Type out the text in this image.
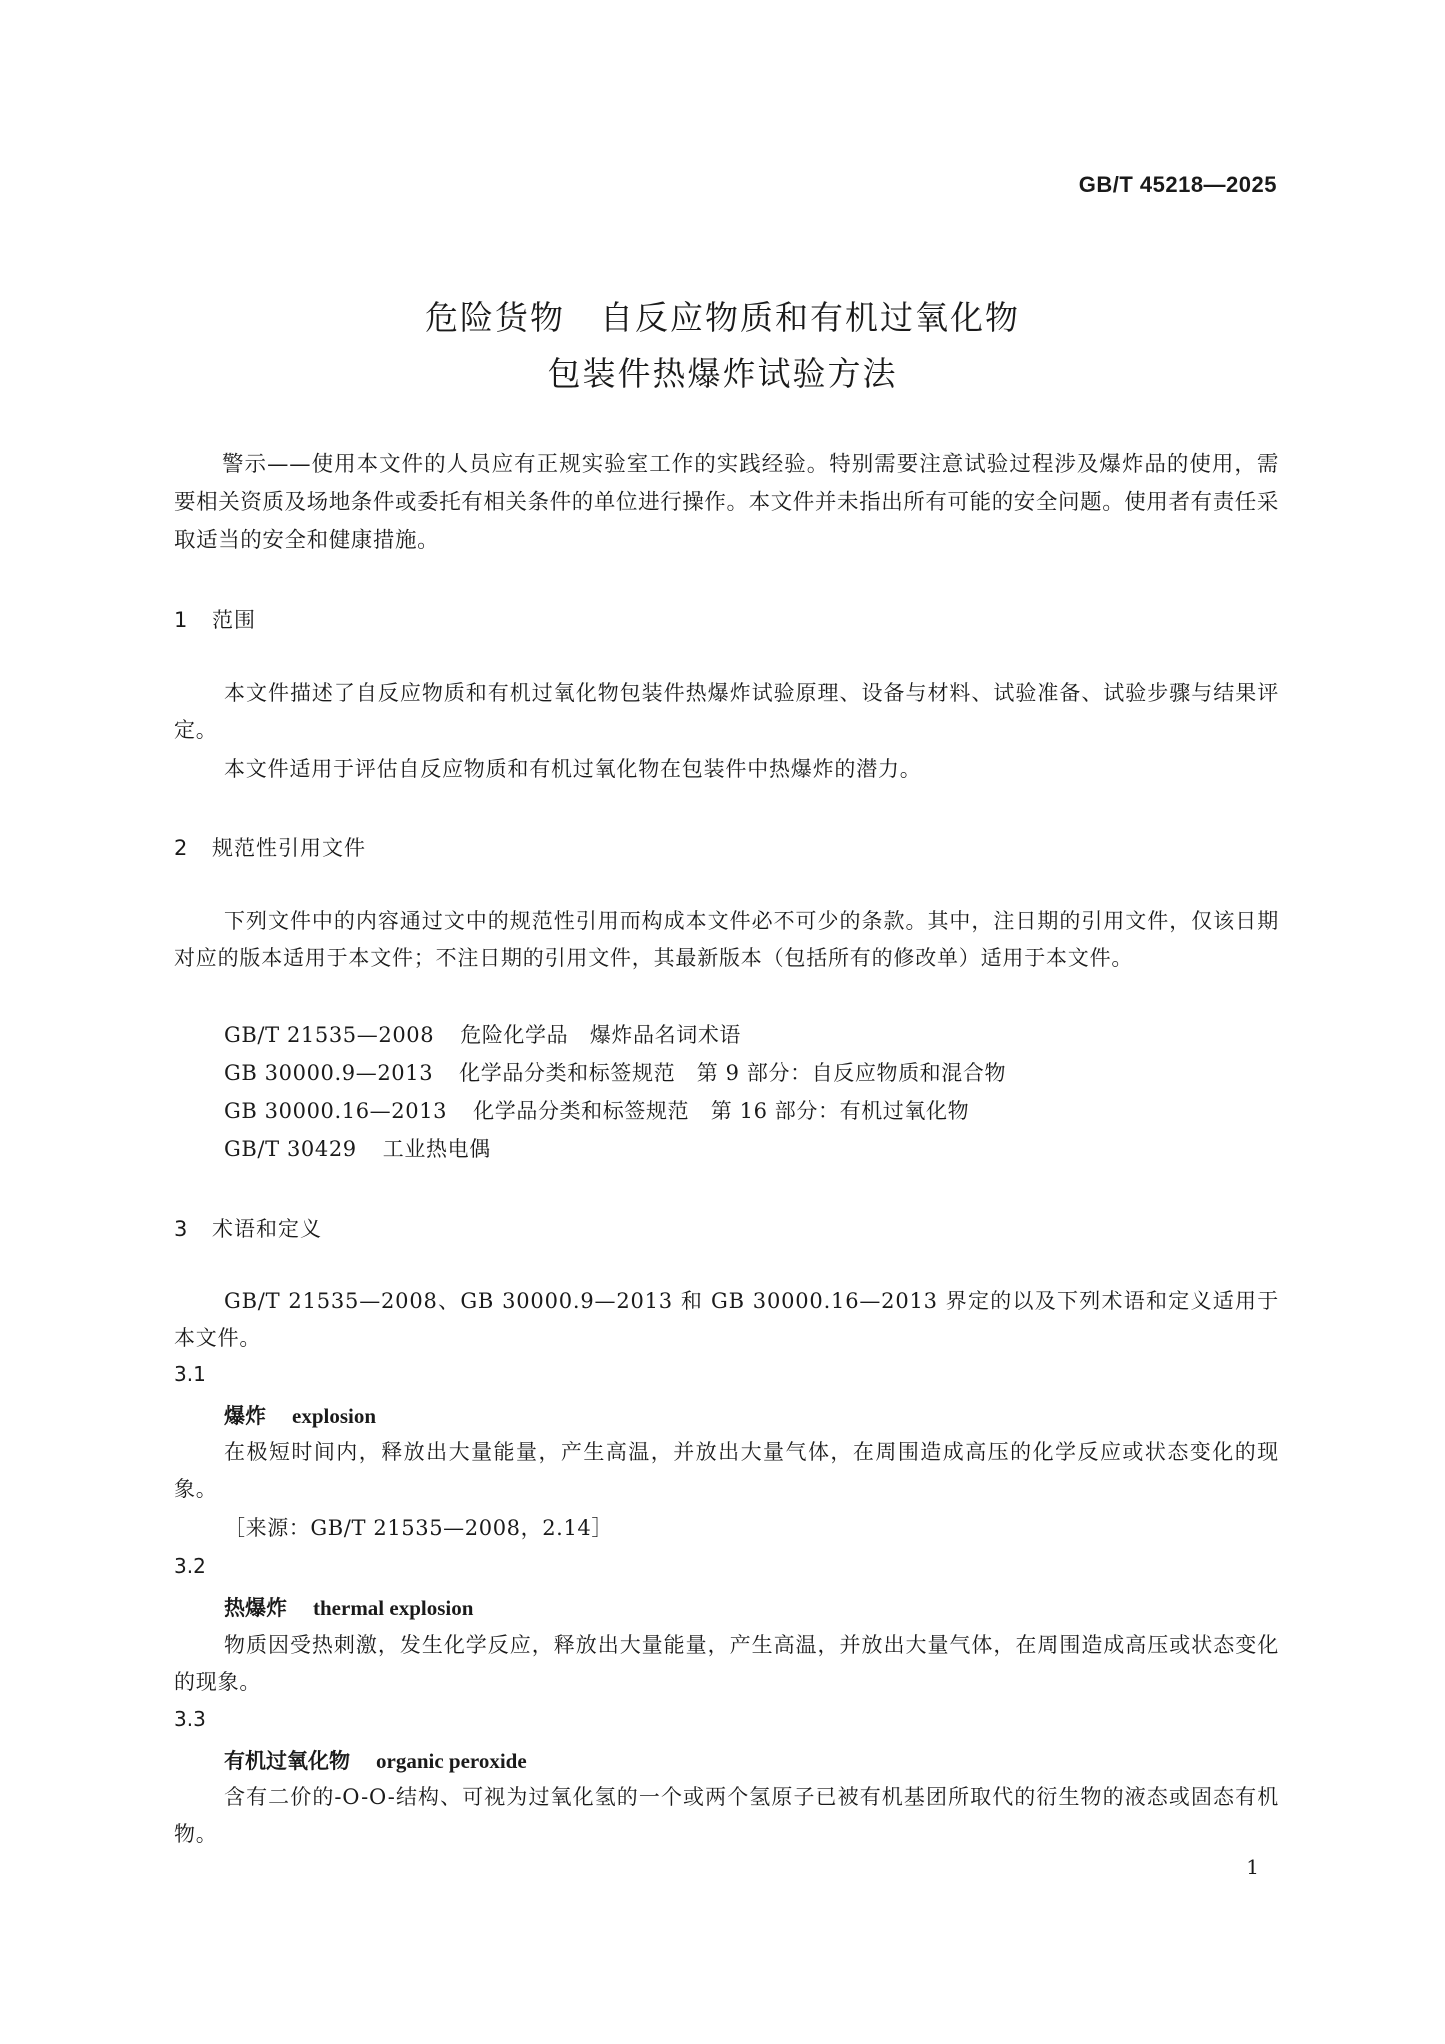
GB/T 45218—2025
危险货物　自反应物质和有机过氧化物
包装件热爆炸试验方法
警示——使用本文件的人员应有正规实验室工作的实践经验。特别需要注意试验过程涉及爆炸品的使用，需要相关资质及场地条件或委托有相关条件的单位进行操作。本文件并未指出所有可能的安全问题。使用者有责任采取适当的安全和健康措施。
1 范围
本文件描述了自反应物质和有机过氧化物包装件热爆炸试验原理、设备与材料、试验准备、试验步骤与结果评定。
本文件适用于评估自反应物质和有机过氧化物在包装件中热爆炸的潜力。
2 规范性引用文件
下列文件中的内容通过文中的规范性引用而构成本文件必不可少的条款。其中，注日期的引用文件，仅该日期对应的版本适用于本文件；不注日期的引用文件，其最新版本（包括所有的修改单）适用于本文件。
GB/T 21535—2008 危险化学品　爆炸品名词术语
GB 30000.9—2013 化学品分类和标签规范　第 9 部分：自反应物质和混合物
GB 30000.16—2013 化学品分类和标签规范　第 16 部分：有机过氧化物
GB/T 30429 工业热电偶
3 术语和定义
GB/T 21535—2008、GB 30000.9—2013 和 GB 30000.16—2013 界定的以及下列术语和定义适用于本文件。
3.1
爆炸 explosion
在极短时间内，释放出大量能量，产生高温，并放出大量气体，在周围造成高压的化学反应或状态变化的现象。
［来源：GB/T 21535—2008，2.14］
3.2
热爆炸 thermal explosion
物质因受热刺激，发生化学反应，释放出大量能量，产生高温，并放出大量气体，在周围造成高压或状态变化的现象。
3.3
有机过氧化物 organic peroxide
含有二价的-O-O-结构、可视为过氧化氢的一个或两个氢原子已被有机基团所取代的衍生物的液态或固态有机物。
1
